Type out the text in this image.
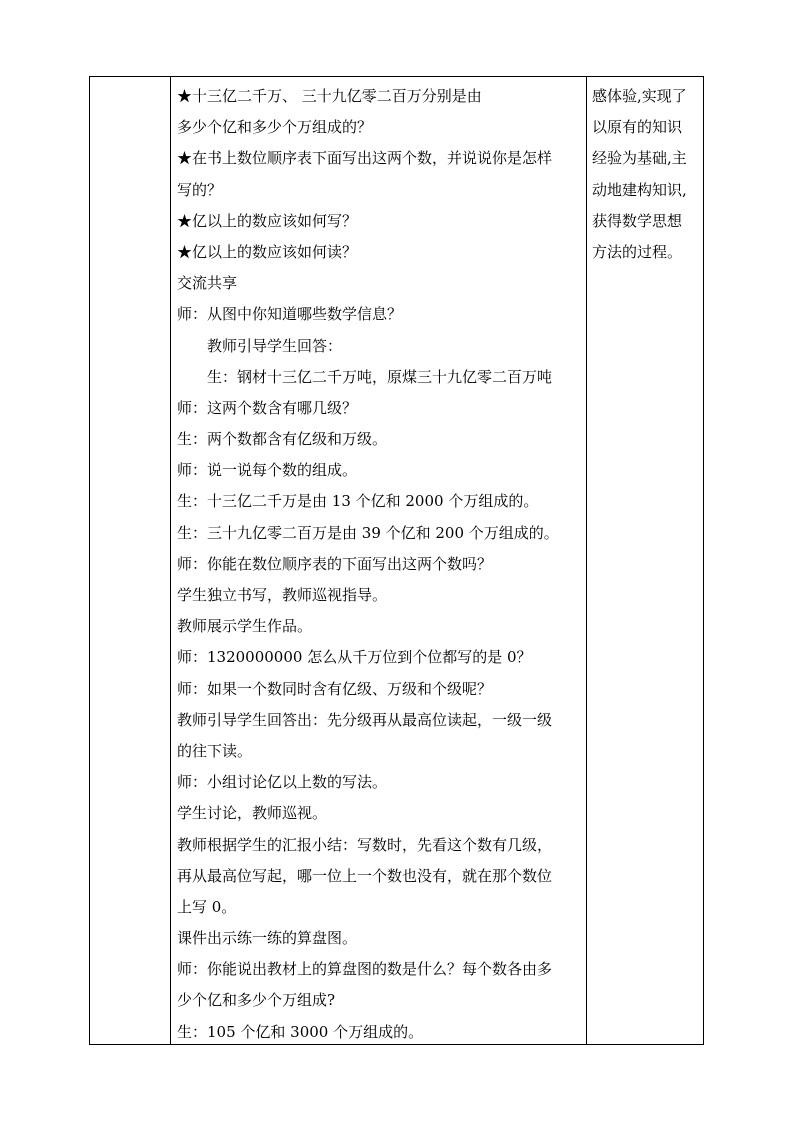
★十三亿二千万、 三十九亿零二百万分别是由
多少个亿和多少个万组成的？
★在书上数位顺序表下面写出这两个数，并说说你是怎样
写的？
★亿以上的数应该如何写？
★亿以上的数应该如何读？
交流共享
师：从图中你知道哪些数学信息？
教师引导学生回答：
生：钢材十三亿二千万吨，原煤三十九亿零二百万吨
师：这两个数含有哪几级？
生：两个数都含有亿级和万级。
师：说一说每个数的组成。
生：十三亿二千万是由 13 个亿和 2000 个万组成的。
生：三十九亿零二百万是由 39 个亿和 200 个万组成的。
师：你能在数位顺序表的下面写出这两个数吗？
学生独立书写，教师巡视指导。
教师展示学生作品。
师：1320000000 怎么从千万位到个位都写的是 0？
师：如果一个数同时含有亿级、万级和个级呢？
教师引导学生回答出：先分级再从最高位读起，一级一级
的往下读。
师：小组讨论亿以上数的写法。
学生讨论，教师巡视。
教师根据学生的汇报小结：写数时，先看这个数有几级，
再从最高位写起，哪一位上一个数也没有，就在那个数位
上写 0。
课件出示练一练的算盘图。
师：你能说出教材上的算盘图的数是什么？每个数各由多
少个亿和多少个万组成?
生：105 个亿和 3000 个万组成的。
感体验,实现了
以原有的知识
经验为基础,主
动地建构知识,
获得数学思想
方法的过程。
